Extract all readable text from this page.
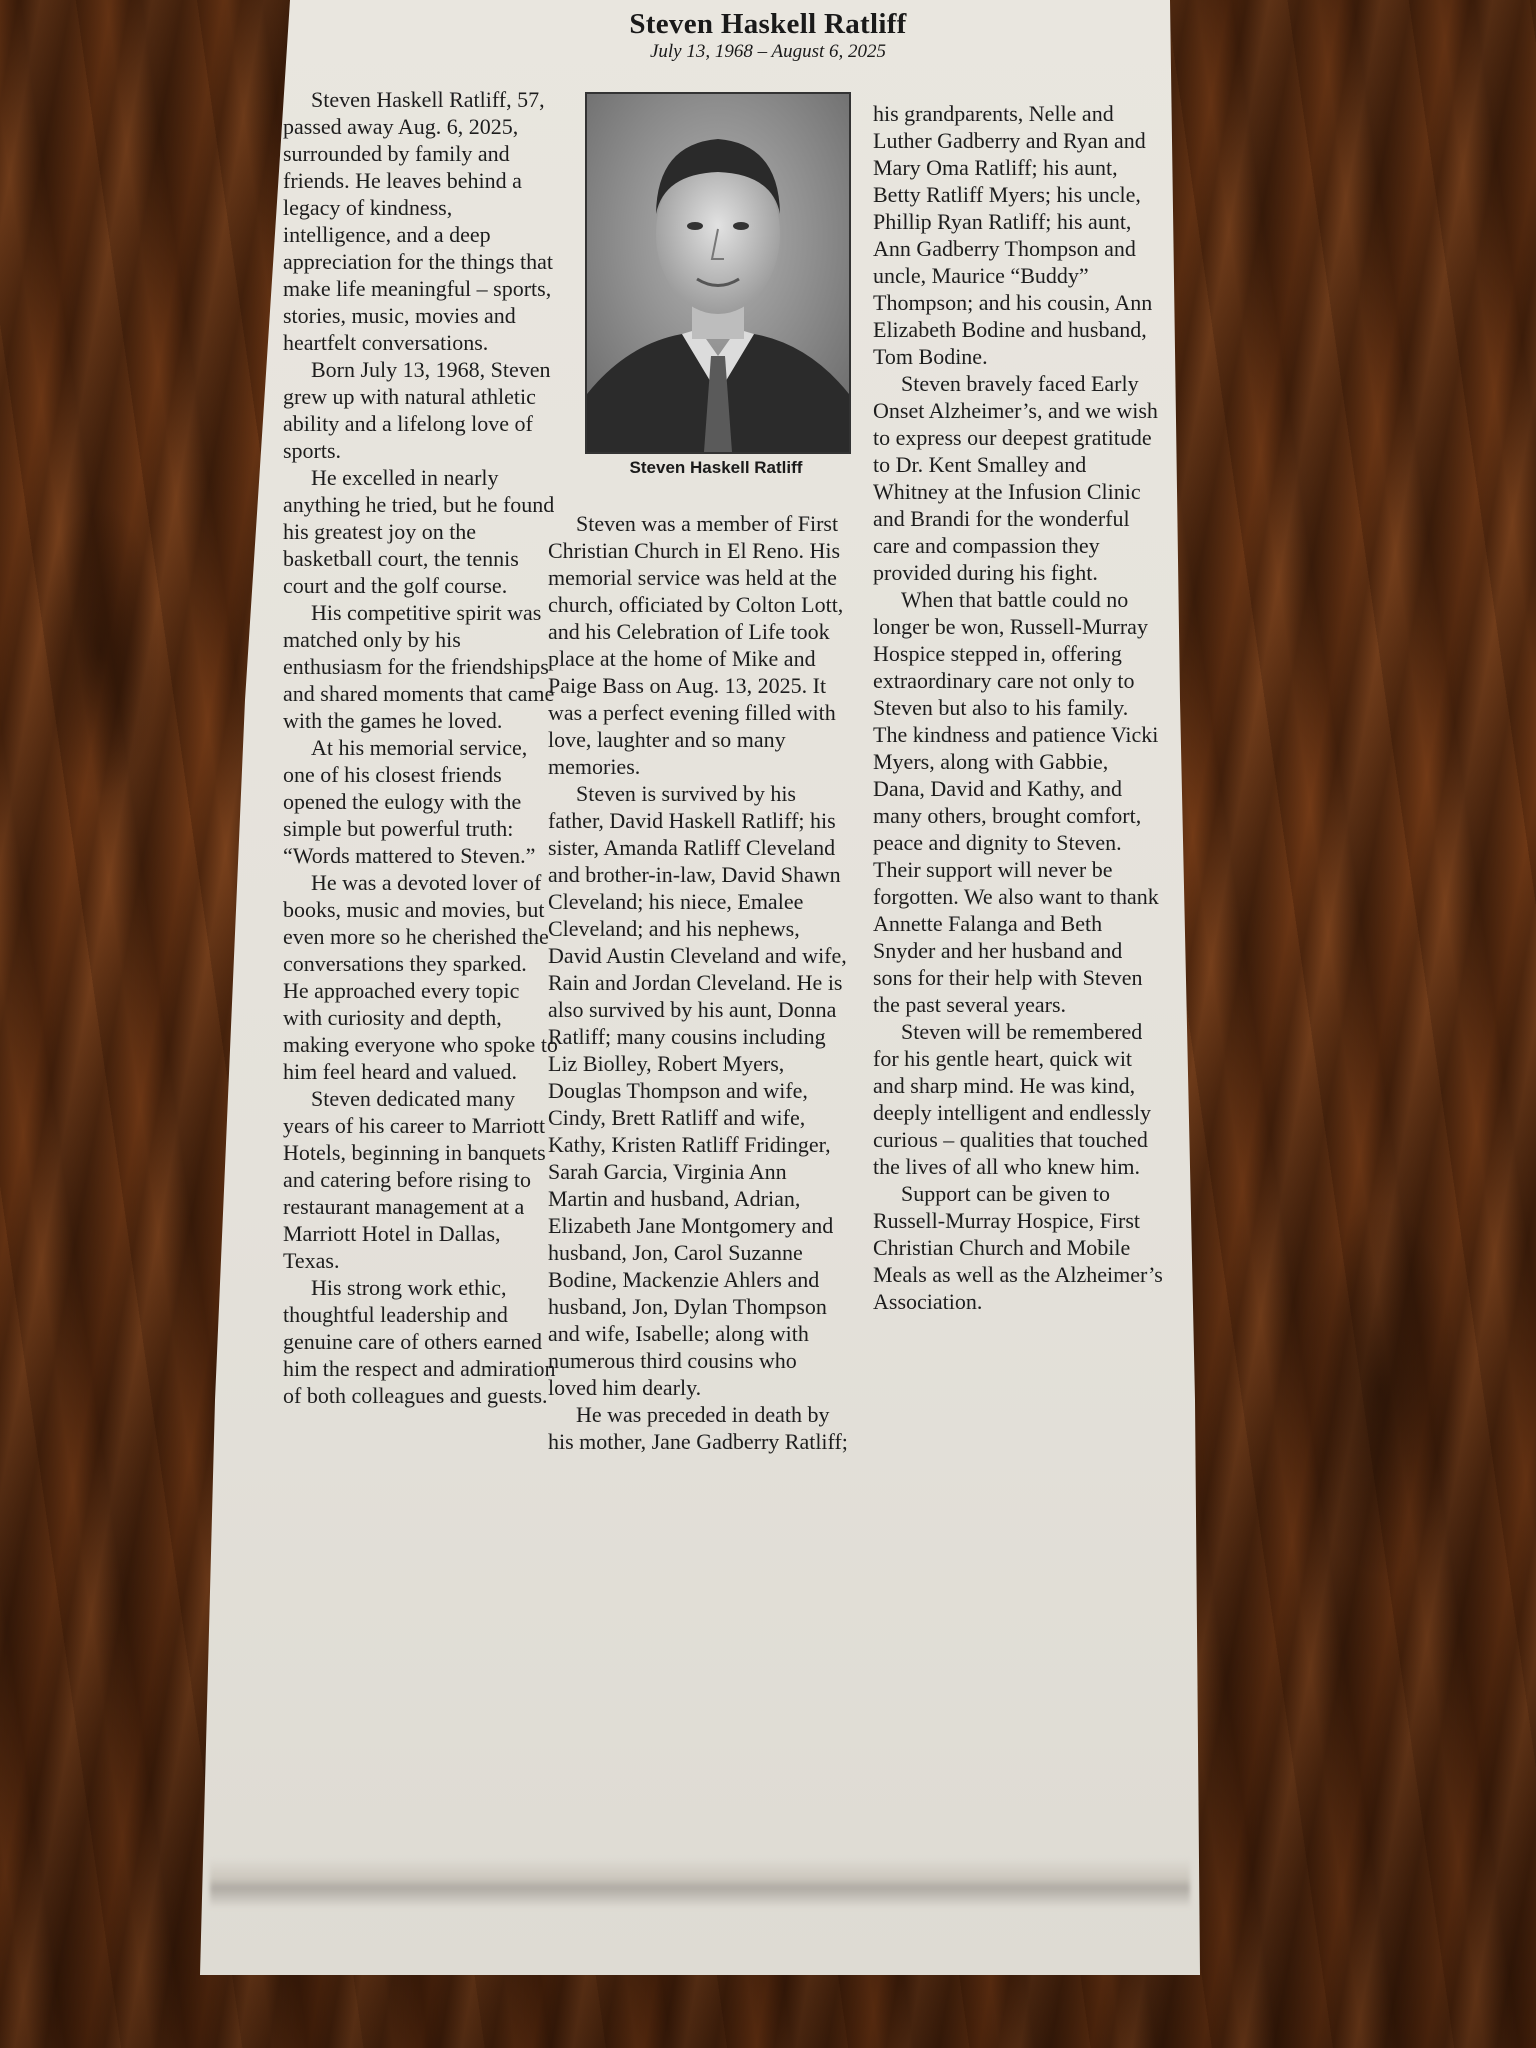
Steven Haskell Ratliff
July 13, 1968 – August 6, 2025

Steven Haskell Ratliff, 57, passed away Aug. 6, 2025, surrounded by family and friends. He leaves behind a legacy of kindness, intelligence, and a deep appreciation for the things that make life meaningful – sports, stories, music, movies and heartfelt conversations.

Born July 13, 1968, Steven grew up with natural athletic ability and a lifelong love of sports.

He excelled in nearly anything he tried, but he found his greatest joy on the basketball court, the tennis court and the golf course.

His competitive spirit was matched only by his enthusiasm for the friendships and shared moments that came with the games he loved.

At his memorial service, one of his closest friends opened the eulogy with the simple but powerful truth: “Words mattered to Steven.”

He was a devoted lover of books, music and movies, but even more so he cherished the conversations they sparked.

He approached every topic with curiosity and depth, making everyone who spoke to him feel heard and valued.

Steven dedicated many years of his career to Marriott Hotels, beginning in banquets and catering before rising to restaurant management at a Marriott Hotel in Dallas, Texas.

His strong work ethic, thoughtful leadership and genuine care of others earned him the respect and admiration of both colleagues and guests.

Steven Haskell Ratliff

Steven was a member of First Christian Church in El Reno. His memorial service was held at the church, officiated by Colton Lott, and his Celebration of Life took place at the home of Mike and Paige Bass on Aug. 13, 2025. It was a perfect evening filled with love, laughter and so many memories.

Steven is survived by his father, David Haskell Ratliff; his sister, Amanda Ratliff Cleveland and brother-in-law, David Shawn Cleveland; his niece, Emalee Cleveland; and his nephews, David Austin Cleveland and wife, Rain and Jordan Cleveland. He is also survived by his aunt, Donna Ratliff; many cousins including Liz Biolley, Robert Myers, Douglas Thompson and wife, Cindy, Brett Ratliff and wife, Kathy, Kristen Ratliff Fridinger, Sarah Garcia, Virginia Ann Martin and husband, Adrian, Elizabeth Jane Montgomery and husband, Jon, Carol Suzanne Bodine, Mackenzie Ahlers and husband, Jon, Dylan Thompson and wife, Isabelle; along with numerous third cousins who loved him dearly.

He was preceded in death by his mother, Jane Gadberry Ratliff;

his grandparents, Nelle and Luther Gadberry and Ryan and Mary Oma Ratliff; his aunt, Betty Ratliff Myers; his uncle, Phillip Ryan Ratliff; his aunt, Ann Gadberry Thompson and uncle, Maurice “Buddy” Thompson; and his cousin, Ann Elizabeth Bodine and husband, Tom Bodine.

Steven bravely faced Early Onset Alzheimer’s, and we wish to express our deepest gratitude to Dr. Kent Smalley and Whitney at the Infusion Clinic and Brandi for the wonderful care and compassion they provided during his fight.

When that battle could no longer be won, Russell-Murray Hospice stepped in, offering extraordinary care not only to Steven but also to his family. The kindness and patience Vicki Myers, along with Gabbie, Dana, David and Kathy, and many others, brought comfort, peace and dignity to Steven. Their support will never be forgotten. We also want to thank Annette Falanga and Beth Snyder and her husband and sons for their help with Steven the past several years.

Steven will be remembered for his gentle heart, quick wit and sharp mind. He was kind, deeply intelligent and endlessly curious – qualities that touched the lives of all who knew him.

Support can be given to Russell-Murray Hospice, First Christian Church and Mobile Meals as well as the Alzheimer’s Association.
